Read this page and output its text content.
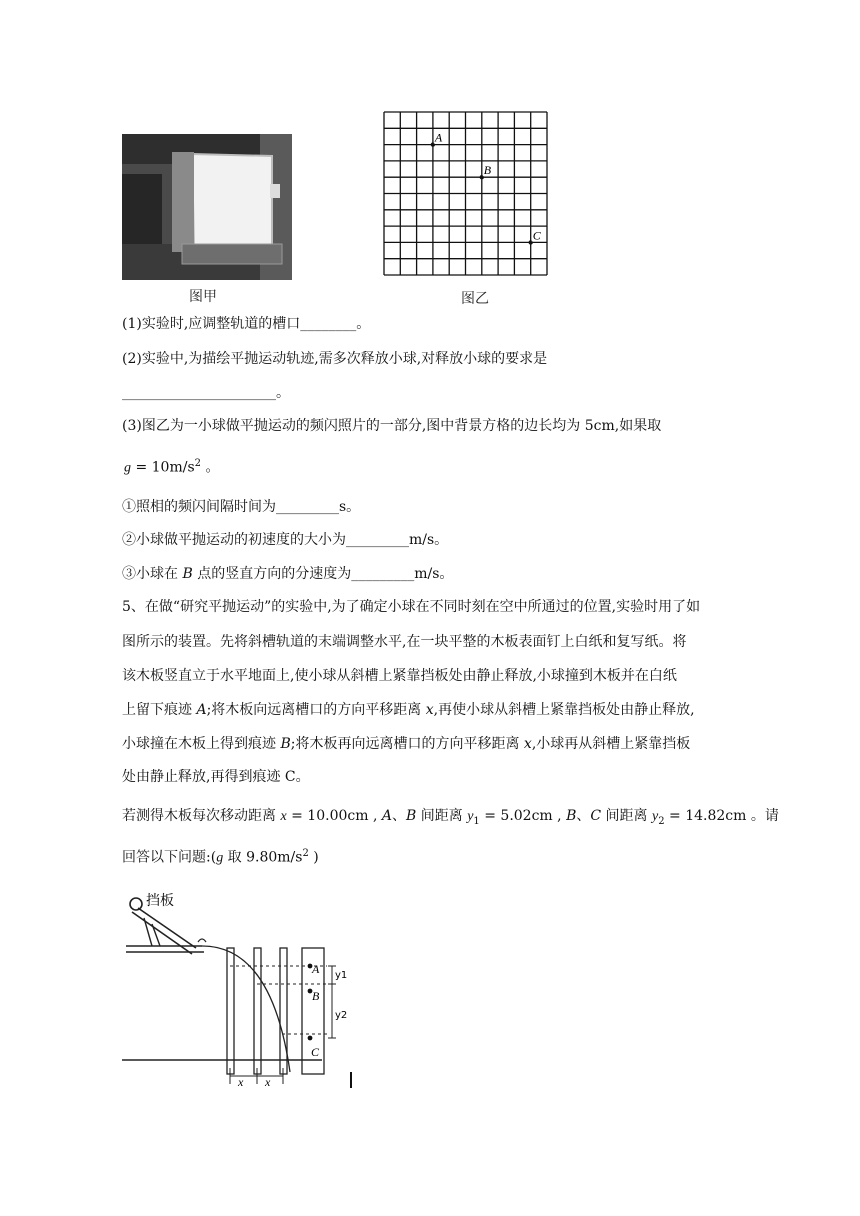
图甲
A
B
C
图乙
(1)实验时,应调整轨道的槽口________。
(2)实验中,为描绘平抛运动轨迹,需多次释放小球,对释放小球的要求是
______________________。
(3)图乙为一小球做平抛运动的频闪照片的一部分,图中背景方格的边长均为 5cm,如果取
$g = 10m/s^2$ 。
①照相的频闪间隔时间为_________s。
②小球做平抛运动的初速度的大小为_________m/s。
③小球在 B 点的竖直方向的分速度为_________m/s。
5、在做“研究平抛运动”的实验中,为了确定小球在不同时刻在空中所通过的位置,实验时用了如
图所示的装置。先将斜槽轨道的末端调整水平,在一块平整的木板表面钉上白纸和复写纸。将
该木板竖直立于水平地面上,使小球从斜槽上紧靠挡板处由静止释放,小球撞到木板并在白纸
上留下痕迹 A;将木板向远离槽口的方向平移距离 x,再使小球从斜槽上紧靠挡板处由静止释放,
小球撞在木板上得到痕迹 B;将木板再向远离槽口的方向平移距离 x,小球再从斜槽上紧靠挡板
处由静止释放,再得到痕迹 C。
若测得木板每次移动距离 x = 10.00cm , A、B 间距离 $y_1 = 5.02cm$ , B、C 间距离 $y_2 = 14.82cm$ 。请
回答以下问题:(g 取 $9.80m/s^2$ )
挡板
A
B
C
y1
y2
x x
